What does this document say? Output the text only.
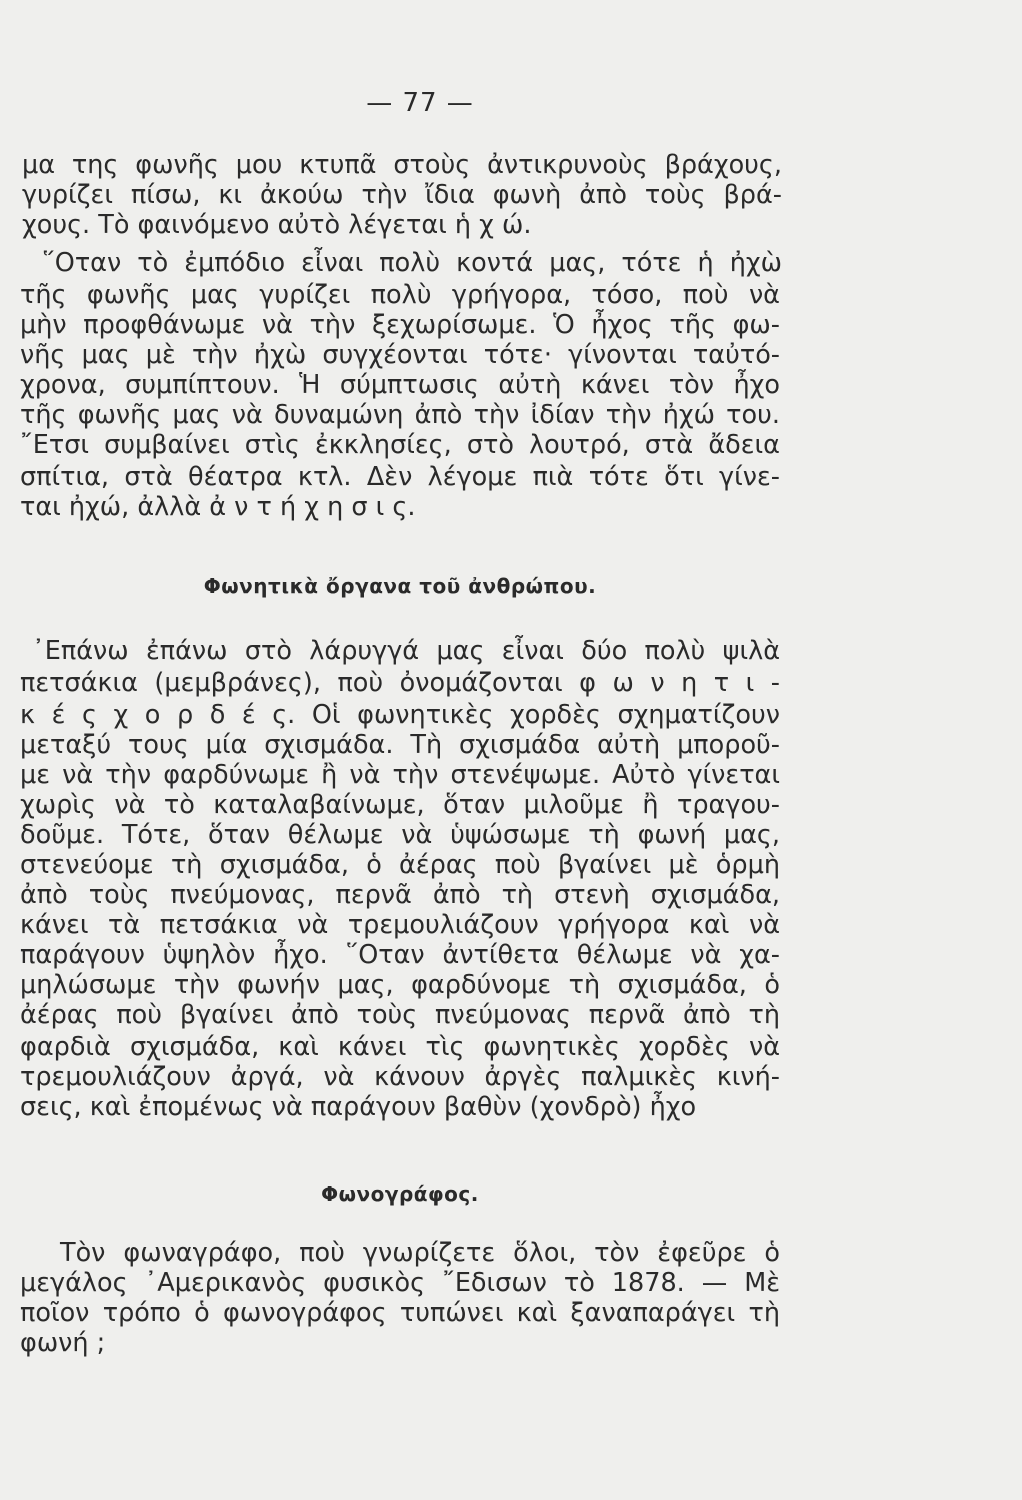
— 77 —
μα της φωνῆς μου κτυπᾶ στοὺς ἀντικρυνοὺς βράχους,
γυρίζει πίσω, κι ἀκούω τὴν ἴδια φωνὴ ἀπὸ τοὺς βρά-
χους. Τὸ φαινόμενο αὐτὸ λέγεται ἡ χ ώ.
῞Οταν τὸ ἐμπόδιο εἶναι πολὺ κοντά μας, τότε ἡ ἠχὼ
τῆς φωνῆς μας γυρίζει πολὺ γρήγορα, τόσο, ποὺ νὰ
μὴν προφθάνωμε νὰ τὴν ξεχωρίσωμε. Ὁ ἦχος τῆς φω-
νῆς μας μὲ τὴν ἠχὼ συγχέονται τότε· γίνονται ταὐτό-
χρονα, συμπίπτουν. Ἡ σύμπτωσις αὐτὴ κάνει τὸν ἦχο
τῆς φωνῆς μας νὰ δυναμώνη ἀπὸ τὴν ἰδίαν τὴν ἠχώ του.
῎Ετσι συμβαίνει στὶς ἐκκλησίες, στὸ λουτρό, στὰ ἄδεια
σπίτια, στὰ θέατρα κτλ. Δὲν λέγομε πιὰ τότε ὅτι γίνε-
ται ἠχώ, ἀλλὰ ἀ ν τ ή χ η σ ι ς.
Φωνητικὰ ὄργανα τοῦ ἀνθρώπου.
᾿Επάνω ἐπάνω στὸ λάρυγγά μας εἶναι δύο πολὺ ψιλὰ
πετσάκια (μεμβράνες), ποὺ ὀνομάζονται φ ω ν η τ ι -
κ έ ς χ ο ρ δ έ ς. Οἱ φωνητικὲς χορδὲς σχηματίζουν
μεταξύ τους μία σχισμάδα. Τὴ σχισμάδα αὐτὴ μποροῦ-
με νὰ τὴν φαρδύνωμε ἢ νὰ τὴν στενέψωμε. Αὐτὸ γίνεται
χωρὶς νὰ τὸ καταλαβαίνωμε, ὅταν μιλοῦμε ἢ τραγου-
δοῦμε. Τότε, ὅταν θέλωμε νὰ ὑψώσωμε τὴ φωνή μας,
στενεύομε τὴ σχισμάδα, ὁ ἀέρας ποὺ βγαίνει μὲ ὁρμὴ
ἀπὸ τοὺς πνεύμονας, περνᾶ ἀπὸ τὴ στενὴ σχισμάδα,
κάνει τὰ πετσάκια νὰ τρεμουλιάζουν γρήγορα καὶ νὰ
παράγουν ὑψηλὸν ἦχο. ῞Οταν ἀντίθετα θέλωμε νὰ χα-
μηλώσωμε τὴν φωνήν μας, φαρδύνομε τὴ σχισμάδα, ὁ
ἀέρας ποὺ βγαίνει ἀπὸ τοὺς πνεύμονας περνᾶ ἀπὸ τὴ
φαρδιὰ σχισμάδα, καὶ κάνει τὶς φωνητικὲς χορδὲς νὰ
τρεμουλιάζουν ἀργά, νὰ κάνουν ἀργὲς παλμικὲς κινή-
σεις, καὶ ἐπομένως νὰ παράγουν βαθὺν (χονδρὸ) ἦχο
Φωνογράφος.
Τὸν φωναγράφο, ποὺ γνωρίζετε ὅλοι, τὸν ἐφεῦρε ὁ
μεγάλος ᾿Αμερικανὸς φυσικὸς ῎Εδισων τὸ 1878. — Μὲ
ποῖον τρόπο ὁ φωνογράφος τυπώνει καὶ ξαναπαράγει τὴ
φωνή ;
